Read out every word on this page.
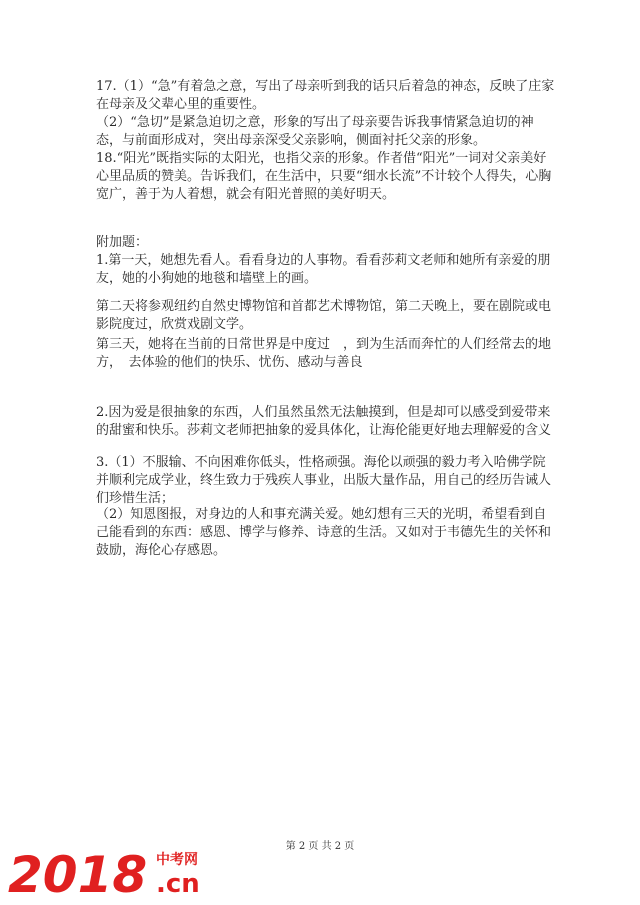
17.（1）“急”有着急之意，写出了母亲听到我的话只后着急的神态，反映了庄家在母亲及父辈心里的重要性。

（2）“急切”是紧急迫切之意，形象的写出了母亲要告诉我事情紧急迫切的神态，与前面形成对，突出母亲深受父亲影响，侧面衬托父亲的形象。

18.“阳光”既指实际的太阳光，也指父亲的形象。作者借“阳光”一词对父亲美好心里品质的赞美。告诉我们，在生活中，只要“细水长流”不计较个人得失，心胸宽广，善于为人着想，就会有阳光普照的美好明天。

附加题：

1.第一天，她想先看人。看看身边的人事物。看看莎莉文老师和她所有亲爱的朋友，她的小狗她的地毯和墙壁上的画。

第二天将参观纽约自然史博物馆和首都艺术博物馆，第二天晚上，要在剧院或电影院度过，欣赏戏剧文学。

第三天，她将在当前的日常世界是中度过　，到为生活而奔忙的人们经常去的地方，　去体验的他们的快乐、忧伤、感动与善良

2.因为爱是很抽象的东西，人们虽然虽然无法触摸到，但是却可以感受到爱带来的甜蜜和快乐。莎莉文老师把抽象的爱具体化，让海伦能更好地去理解爱的含义

3.（1）不服输、不向困难你低头，性格顽强。海伦以顽强的毅力考入哈佛学院并顺利完成学业，终生致力于残疾人事业，出版大量作品，用自己的经历告诫人们珍惜生活；

（2）知恩图报，对身边的人和事充满关爱。她幻想有三天的光明，希望看到自己能看到的东西：感恩、博学与修养、诗意的生活。又如对于韦德先生的关怀和鼓励，海伦心存感恩。

第 2 页 共 2 页
2018 中考网
.cn
